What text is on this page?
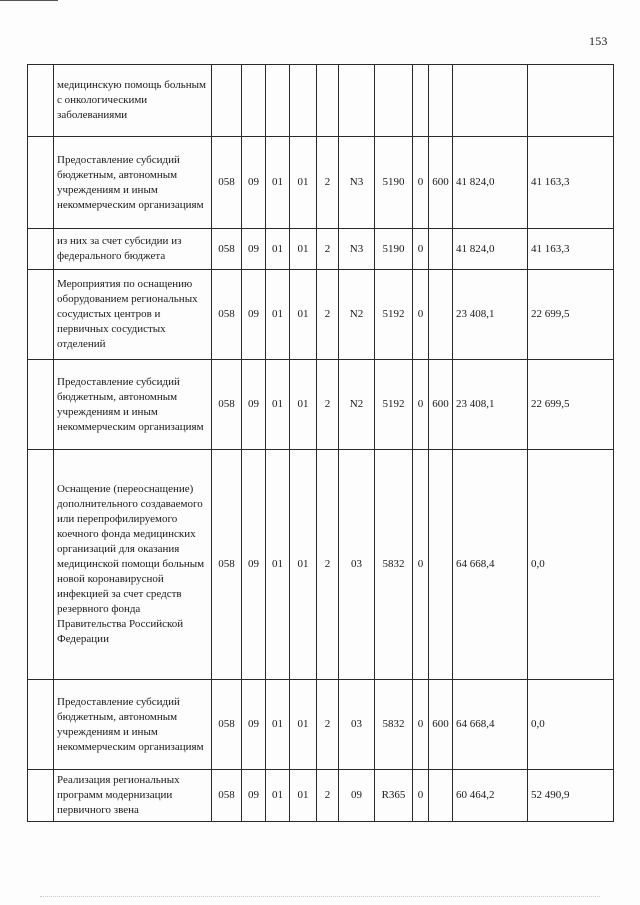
153
	медицинскую помощь больным с онкологическими заболеваниями											
	Предоставление субсидий бюджетным, автономным учреждениям и иным некоммерческим организациям	058	09	01	01	2	N3	5190	0	600	41 824,0	41 163,3
	из них за счет субсидии из федерального бюджета	058	09	01	01	2	N3	5190	0		41 824,0	41 163,3
	Мероприятия по оснащению оборудованием региональных сосудистых центров и первичных сосудистых отделений	058	09	01	01	2	N2	5192	0		23 408,1	22 699,5
	Предоставление субсидий бюджетным, автономным учреждениям и иным некоммерческим организациям	058	09	01	01	2	N2	5192	0	600	23 408,1	22 699,5
	Оснащение (переоснащение) дополнительного создаваемого или перепрофилируемого коечного фонда медицинских организаций для оказания медицинской помощи больным новой коронавирусной инфекцией за счет средств резервного фонда Правительства Российской Федерации	058	09	01	01	2	03	5832	0		64 668,4	0,0
	Предоставление субсидий бюджетным, автономным учреждениям и иным некоммерческим организациям	058	09	01	01	2	03	5832	0	600	64 668,4	0,0
	Реализация региональных программ модернизации первичного звена	058	09	01	01	2	09	R365	0		60 464,2	52 490,9
